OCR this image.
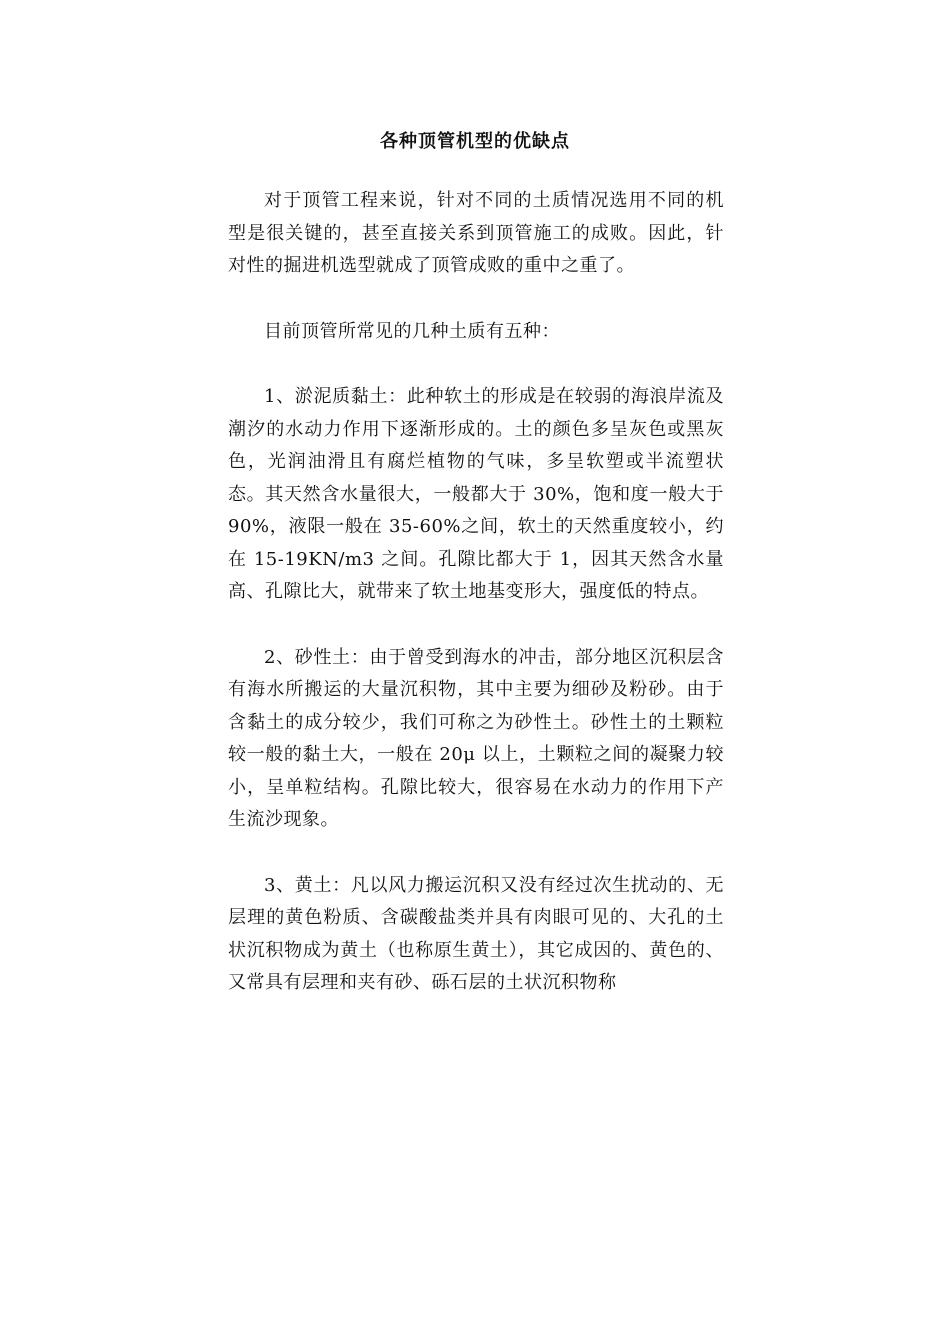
各种顶管机型的优缺点

对于顶管工程来说，针对不同的土质情况选用不同的机型是很关键的，甚至直接关系到顶管施工的成败。因此，针对性的掘进机选型就成了顶管成败的重中之重了。

目前顶管所常见的几种土质有五种：

1、淤泥质黏土：此种软土的形成是在较弱的海浪岸流及潮汐的水动力作用下逐渐形成的。土的颜色多呈灰色或黑灰色，光润油滑且有腐烂植物的气味，多呈软塑或半流塑状态。其天然含水量很大，一般都大于 30%，饱和度一般大于 90%，液限一般在 35-60%之间，软土的天然重度较小，约在 15-19KN/m3 之间。孔隙比都大于 1，因其天然含水量高、孔隙比大，就带来了软土地基变形大，强度低的特点。

2、砂性土：由于曾受到海水的冲击，部分地区沉积层含有海水所搬运的大量沉积物，其中主要为细砂及粉砂。由于含黏土的成分较少，我们可称之为砂性土。砂性土的土颗粒较一般的黏土大，一般在 20μ 以上，土颗粒之间的凝聚力较小，呈单粒结构。孔隙比较大，很容易在水动力的作用下产生流沙现象。

3、黄土：凡以风力搬运沉积又没有经过次生扰动的、无层理的黄色粉质、含碳酸盐类并具有肉眼可见的、大孔的土状沉积物成为黄土（也称原生黄土），其它成因的、黄色的、又常具有层理和夹有砂、砾石层的土状沉积物称
